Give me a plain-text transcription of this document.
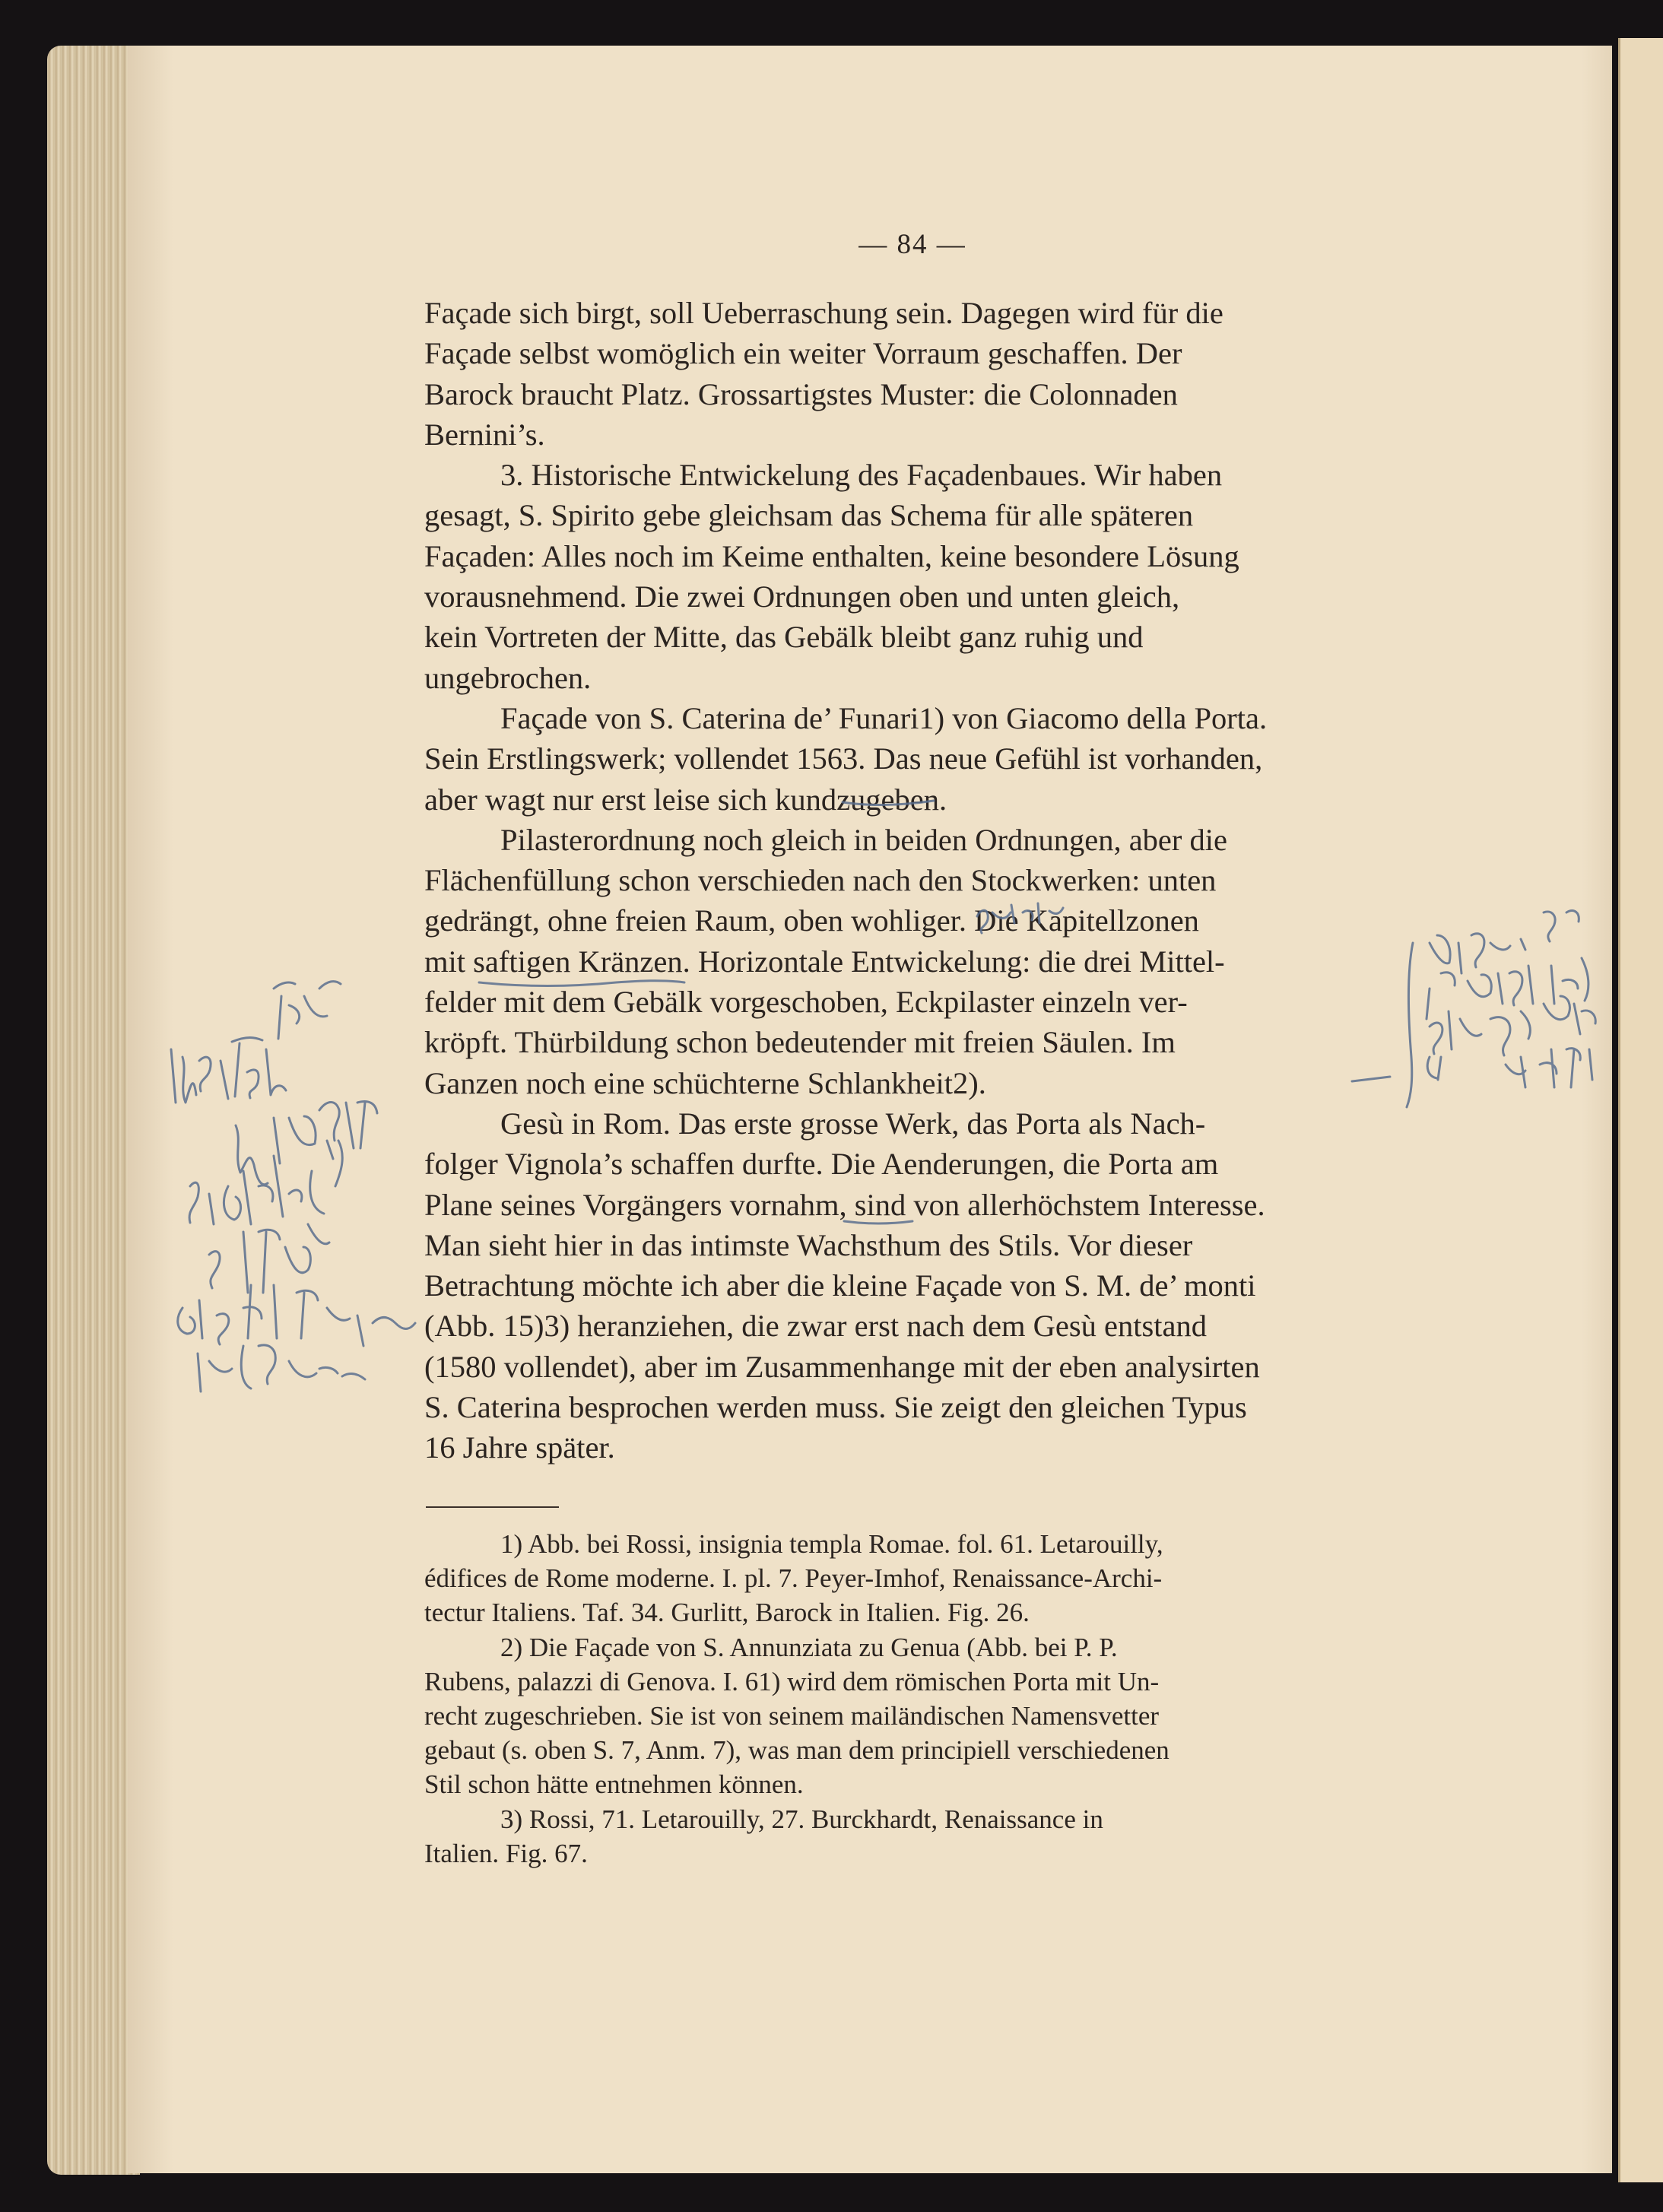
— 84 —
Façade sich birgt, soll Ueberraschung sein. Dagegen wird für die
Façade selbst womöglich ein weiter Vorraum geschaffen. Der
Barock braucht Platz. Grossartigstes Muster: die Colonnaden
Bernini’s.
3. Historische Entwickelung des Façadenbaues. Wir haben
gesagt, S. Spirito gebe gleichsam das Schema für alle späteren
Façaden: Alles noch im Keime enthalten, keine besondere Lösung
vorausnehmend. Die zwei Ordnungen oben und unten gleich,
kein Vortreten der Mitte, das Gebälk bleibt ganz ruhig und
ungebrochen.
Façade von S. Caterina de’ Funari1) von Giacomo della Porta.
Sein Erstlingswerk; vollendet 1563. Das neue Gefühl ist vorhanden,
aber wagt nur erst leise sich kundzugeben.
Pilasterordnung noch gleich in beiden Ordnungen, aber die
Flächenfüllung schon verschieden nach den Stockwerken: unten
gedrängt, ohne freien Raum, oben wohliger. Die Kapitellzonen
mit saftigen Kränzen. Horizontale Entwickelung: die drei Mittel-
felder mit dem Gebälk vorgeschoben, Eckpilaster einzeln ver-
kröpft. Thürbildung schon bedeutender mit freien Säulen. Im
Ganzen noch eine schüchterne Schlankheit2).
Gesù in Rom. Das erste grosse Werk, das Porta als Nach-
folger Vignola’s schaffen durfte. Die Aenderungen, die Porta am
Plane seines Vorgängers vornahm, sind von allerhöchstem Interesse.
Man sieht hier in das intimste Wachsthum des Stils. Vor dieser
Betrachtung möchte ich aber die kleine Façade von S. M. de’ monti
(Abb. 15)3) heranziehen, die zwar erst nach dem Gesù entstand
(1580 vollendet), aber im Zusammenhange mit der eben analysirten
S. Caterina besprochen werden muss. Sie zeigt den gleichen Typus
16 Jahre später.
1) Abb. bei Rossi, insignia templa Romae. fol. 61. Letarouilly,
édifices de Rome moderne. I. pl. 7. Peyer-Imhof, Renaissance-Archi-
tectur Italiens. Taf. 34. Gurlitt, Barock in Italien. Fig. 26.
2) Die Façade von S. Annunziata zu Genua (Abb. bei P. P.
Rubens, palazzi di Genova. I. 61) wird dem römischen Porta mit Un-
recht zugeschrieben. Sie ist von seinem mailändischen Namensvetter
gebaut (s. oben S. 7, Anm. 7), was man dem principiell verschiedenen
Stil schon hätte entnehmen können.
3) Rossi, 71. Letarouilly, 27. Burckhardt, Renaissance in
Italien. Fig. 67.
